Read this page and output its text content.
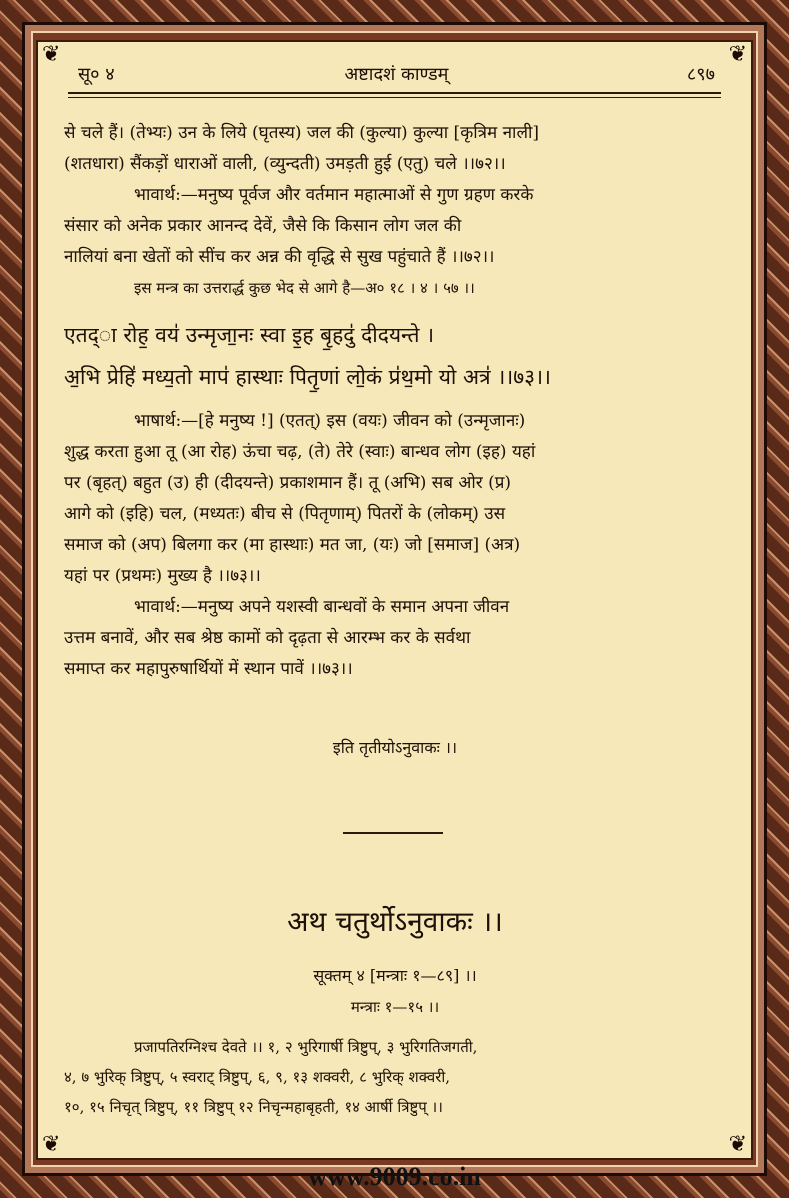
❦	❦
❦	❦
सू० ४	अष्टादशं काण्डम्	८९७
से चले हैं। (तेभ्यः) उन के लिये (घृतस्य) जल की (कुल्या) कुल्या [कृत्रिम नाली]
(शतधारा) सैंकड़ों धाराओं वाली, (व्युन्दती) उमड़ती हुई (एतु) चले ।।७२।।
भावार्थ:—मनुष्य पूर्वज और वर्तमान महात्माओं से गुण ग्रहण करके
संसार को अनेक प्रकार आनन्द देवें, जैसे कि किसान लोग जल की
नालियां बना खेतों को सींच कर अन्न की वृद्धि से सुख पहुंचाते हैं ।।७२।।
इस मन्त्र का उत्तरार्द्ध कुछ भेद से आगे है—अ० १८ । ४ । ५७ ।।
एतद्‌ा रोह॒ वय॑ उन्मृजा॒नः स्वा इ॒ह बृ॒हदु॑ दीदयन्ते ।
अ॒भि प्रेहि॑ मध्य॒तो माप॑ हास्थाः पितृ॒णां लो॒कं प्र॑थ॒मो यो अत्र॑ ।।७३।।
भाषार्थ:—[हे मनुष्य !] (एतत्) इस (वयः) जीवन को (उन्मृजानः)
शुद्ध करता हुआ तू (आ रोह) ऊंचा चढ़, (ते) तेरे (स्वाः) बान्धव लोग (इह) यहां
पर (बृहत्) बहुत (उ) ही (दीदयन्ते) प्रकाशमान हैं। तू (अभि) सब ओर (प्र)
आगे को (इहि) चल, (मध्यतः) बीच से (पितृणाम्) पितरों के (लोकम्) उस
समाज को (अप) बिलगा कर (मा हास्थाः) मत जा, (यः) जो [समाज] (अत्र)
यहां पर (प्रथमः) मुख्य है ।।७३।।
भावार्थ:—मनुष्य अपने यशस्वी बान्धवों के समान अपना जीवन
उत्तम बनावें, और सब श्रेष्ठ कामों को दृढ़ता से आरम्भ कर के सर्वथा
समाप्त कर महापुरुषार्थियों में स्थान पावें ।।७३।।
इति तृतीयोऽनुवाकः ।।
अथ चतुर्थोऽनुवाकः ।।
सूक्तम् ४ [मन्त्राः १—८९] ।।
मन्त्राः १—१५ ।।
प्रजापतिरग्निश्च देवते ।। १, २ भुरिगार्षी त्रिष्टुप्, ३ भुरिगतिजगती,
४, ७ भुरिक् त्रिष्टुप्, ५ स्वराट् त्रिष्टुप्, ६, ९, १३ शक्वरी, ८ भुरिक् शक्वरी,
१०, १५ निचृत् त्रिष्टुप्, ११ त्रिष्टुप् १२ निचृन्महाबृहती, १४ आर्षी त्रिष्टुप् ।।
www.9009.co.in
